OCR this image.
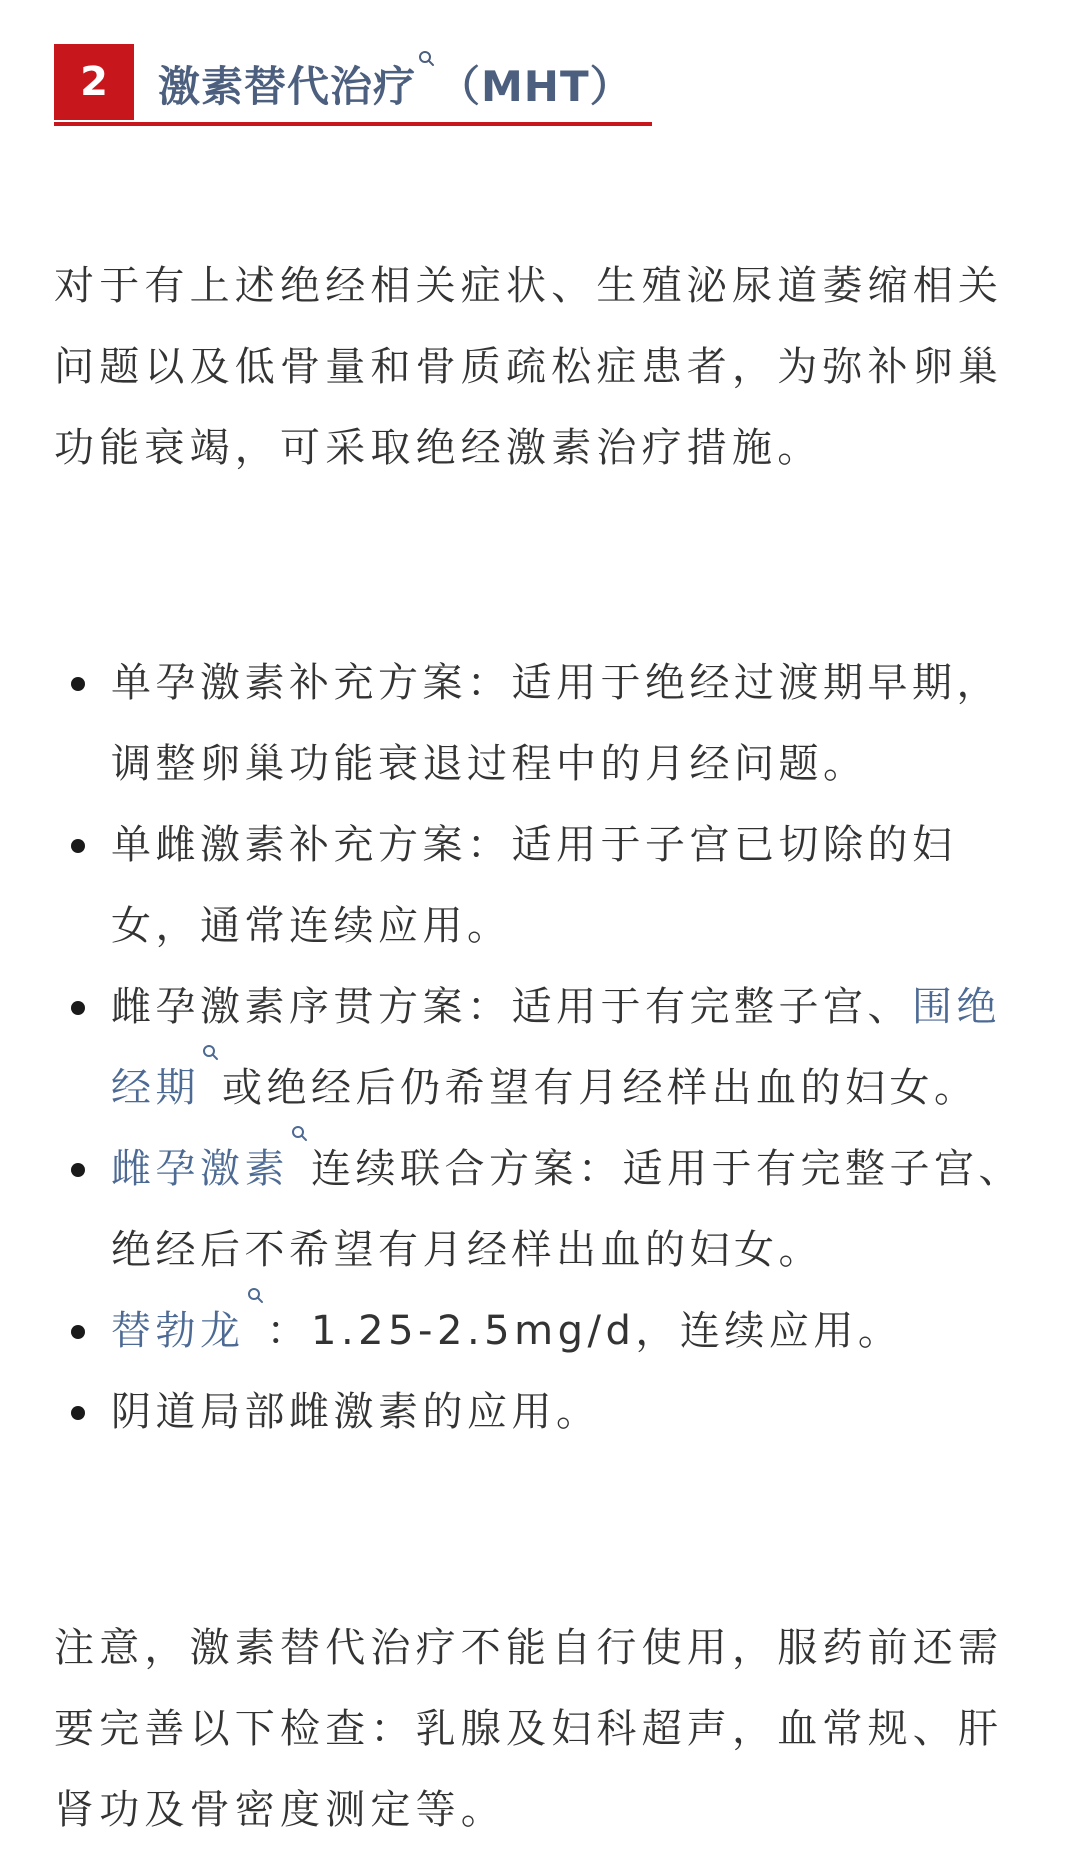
2	激素替代治疗 （MHT）

对于有上述绝经相关症状、生殖泌尿道萎缩相关问题以及低骨量和骨质疏松症患者，为弥补卵巢功能衰竭，可采取绝经激素治疗措施。

单孕激素补充方案：适用于绝经过渡期早期，调整卵巢功能衰退过程中的月经问题。
单雌激素补充方案：适用于子宫已切除的妇女，通常连续应用。
雌孕激素序贯方案：适用于有完整子宫、围绝经期 或绝经后仍希望有月经样出血的妇女。
雌孕激素 连续联合方案：适用于有完整子宫、绝经后不希望有月经样出血的妇女。
替勃龙 ：1.25-2.5mg/d，连续应用。
阴道局部雌激素的应用。

注意，激素替代治疗不能自行使用，服药前还需要完善以下检查：乳腺及妇科超声，血常规、肝肾功及骨密度测定等。
